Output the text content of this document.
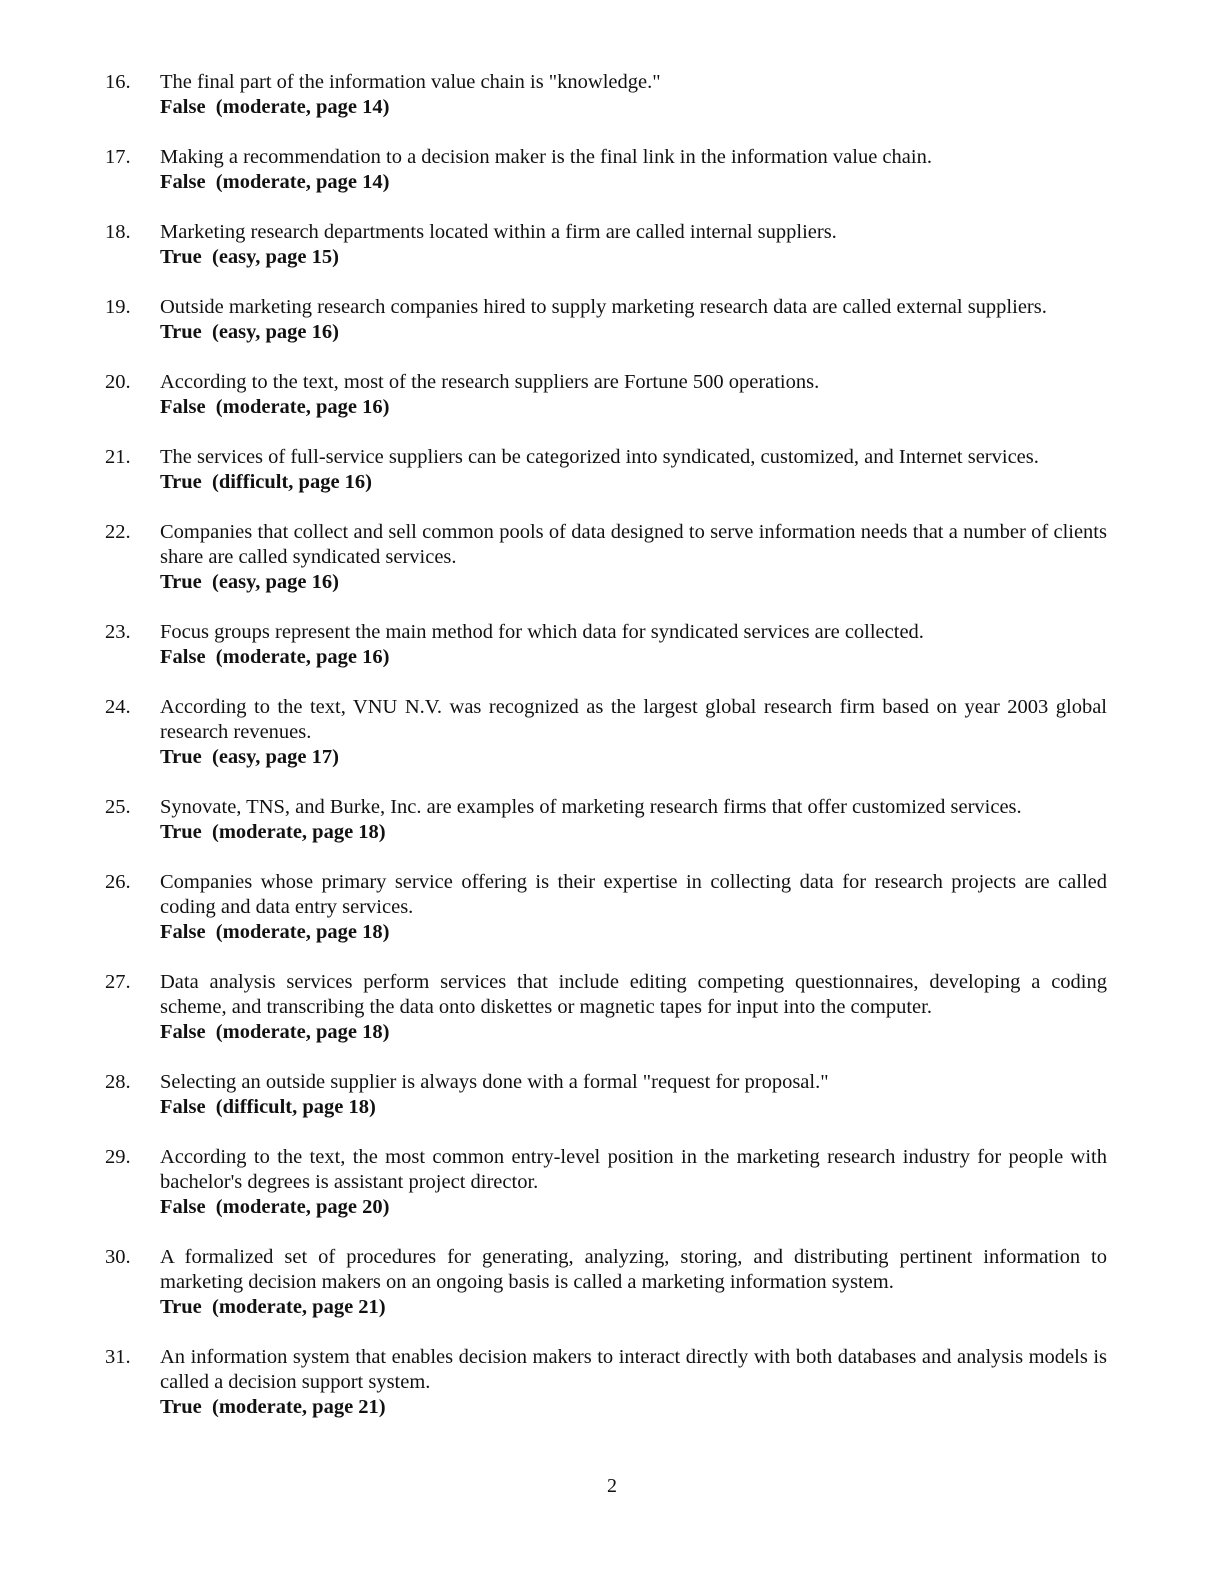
16.	The final part of the information value chain is "knowledge."
False  (moderate, page 14)
17.	Making a recommendation to a decision maker is the final link in the information value chain.
False  (moderate, page 14)
18.	Marketing research departments located within a firm are called internal suppliers.
True  (easy, page 15)
19.	Outside marketing research companies hired to supply marketing research data are called external suppliers.
True  (easy, page 16)
20.	According to the text, most of the research suppliers are Fortune 500 operations.
False  (moderate, page 16)
21.	The services of full-service suppliers can be categorized into syndicated, customized, and Internet services.
True  (difficult, page 16)
22.	Companies that collect and sell common pools of data designed to serve information needs that a number of clients share are called syndicated services.
True  (easy, page 16)
23.	Focus groups represent the main method for which data for syndicated services are collected.
False  (moderate, page 16)
24.	According to the text, VNU N.V. was recognized as the largest global research firm based on year 2003 global research revenues.
True  (easy, page 17)
25.	Synovate, TNS, and Burke, Inc. are examples of marketing research firms that offer customized services.
True  (moderate, page 18)
26.	Companies whose primary service offering is their expertise in collecting data for research projects are called coding and data entry services.
False  (moderate, page 18)
27.	Data analysis services perform services that include editing competing questionnaires, developing a coding scheme, and transcribing the data onto diskettes or magnetic tapes for input into the computer.
False  (moderate, page 18)
28.	Selecting an outside supplier is always done with a formal "request for proposal."
False  (difficult, page 18)
29.	According to the text, the most common entry-level position in the marketing research industry for people with bachelor's degrees is assistant project director.
False  (moderate, page 20)
30.	A formalized set of procedures for generating, analyzing, storing, and distributing pertinent information to marketing decision makers on an ongoing basis is called a marketing information system.
True  (moderate, page 21)
31.	An information system that enables decision makers to interact directly with both databases and analysis models is called a decision support system.
True  (moderate, page 21)
2
